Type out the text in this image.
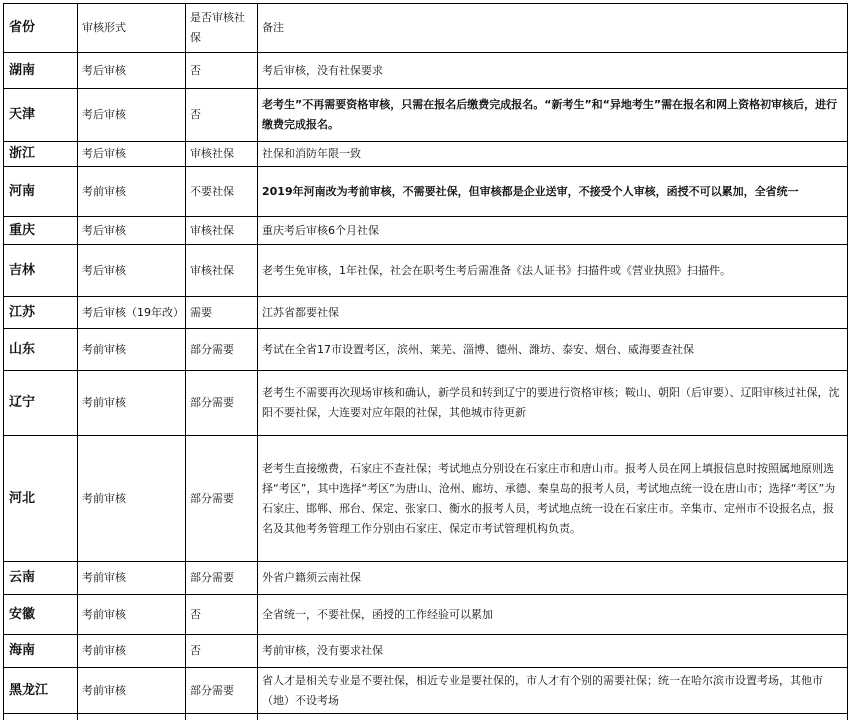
省份	审核形式	是否审核社保	备注
湖南	考后审核	否	考后审核，没有社保要求
天津	考后审核	否	老考生”不再需要资格审核，只需在报名后缴费完成报名。“新考生”和“异地考生”需在报名和网上资格初审核后，进行缴费完成报名。
浙江	考后审核	审核社保	社保和消防年限一致
河南	考前审核	不要社保	2019年河南改为考前审核，不需要社保，但审核都是企业送审，不接受个人审核，函授不可以累加，全省统一
重庆	考后审核	审核社保	重庆考后审核6个月社保
吉林	考后审核	审核社保	老考生免审核，1年社保，社会在职考生考后需准备《法人证书》扫描件或《营业执照》扫描件。
江苏	考后审核（19年改）	需要	江苏省都要社保
山东	考前审核	部分需要	考试在全省17市设置考区，滨州、莱芜、淄博、德州、潍坊、泰安、烟台、威海要查社保
辽宁	考前审核	部分需要	老考生不需要再次现场审核和确认，新学员和转到辽宁的要进行资格审核；鞍山、朝阳（后审要）、辽阳审核过社保，沈阳不要社保，大连要对应年限的社保，其他城市待更新
河北	考前审核	部分需要	老考生直接缴费，石家庄不查社保；考试地点分别设在石家庄市和唐山市。报考人员在网上填报信息时按照属地原则选择“考区”，其中选择“考区”为唐山、沧州、廊坊、承德、秦皇岛的报考人员，考试地点统一设在唐山市；选择“考区”为石家庄、邯郸、邢台、保定、张家口、衡水的报考人员，考试地点统一设在石家庄市。辛集市、定州市不设报名点，报名及其他考务管理工作分别由石家庄、保定市考试管理机构负责。
云南	考前审核	部分需要	外省户籍须云南社保
安徽	考前审核	否	全省统一，不要社保，函授的工作经验可以累加
海南	考前审核	否	考前审核，没有要求社保
黑龙江	考前审核	部分需要	省人才是相关专业是不要社保，相近专业是要社保的，市人才有个别的需要社保；统一在哈尔滨市设置考场，其他市（地）不设考场
